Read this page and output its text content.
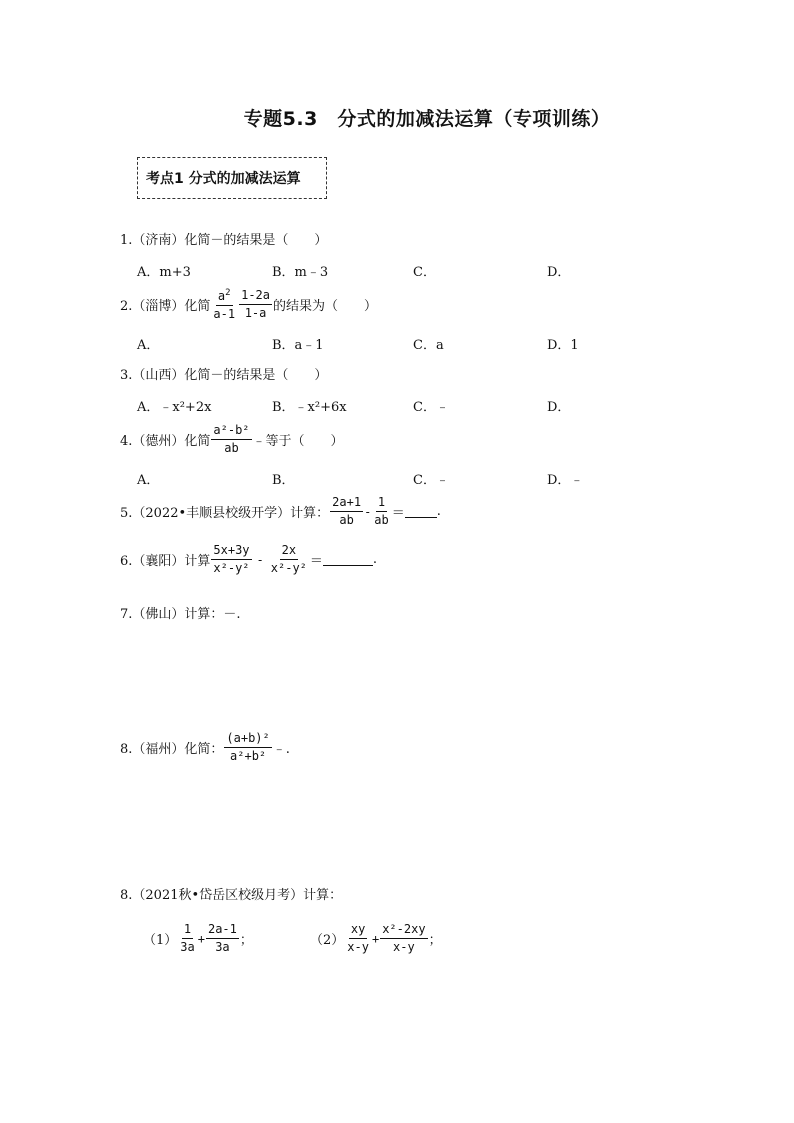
专题5.3　分式的加减法运算（专项训练）
考点1 分式的加减法运算
1.（济南）化简－的结果是（　　）
A．m+3	B．m﹣3	C．	D．
2.（淄博）化简 $\frac{a^2}{a-1} \frac{1-2a}{1-a}$ 的结果为（　　）
A．	B．a﹣1	C．a	D．1
3.（山西）化简－的结果是（　　）
A．﹣x²+2x	B．﹣x²+6x	C．﹣	D．
4.（德州）化简 $\frac{\text{a²-b²}}{ab}$ ﹣等于（　　）
A．	B．	C．﹣	D．﹣
5.（2022•丰顺县校级开学）计算： $\frac{2a+1}{ab} - \frac{1}{ab}$ ＝ .
6.（襄阳）计算 $\frac{5x+3y}{\text{x²-y²}} - \frac{2x}{\text{x²-y²}}$ ＝	.
7.（佛山）计算：－.
8.（福州）化简： $\frac{\text{(a+b)²}}{\text{a²+b²}}$ ﹣.
8.（2021秋•岱岳区校级月考）计算：
$(1) \frac{1}{3a} + \frac{2a-1}{3a}$ ；	$(2) \frac{xy}{x-y} + \frac{\text{x²-2xy}}{x-y}$ ；
